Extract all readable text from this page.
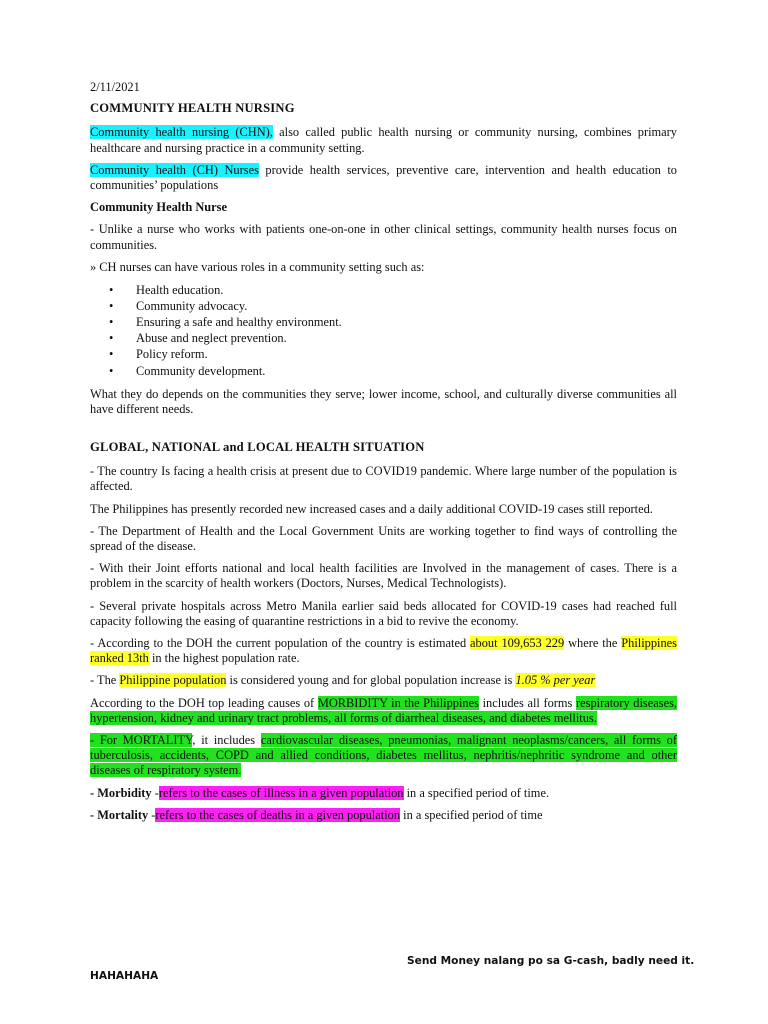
2/11/2021
COMMUNITY HEALTH NURSING

Community health nursing (CHN), also called public health nursing or community nursing, combines primary healthcare and nursing practice in a community setting.

Community health (CH) Nurses provide health services, preventive care, intervention and health education to communities’ populations

Community Health Nurse

- Unlike a nurse who works with patients one-on-one in other clinical settings, community health nurses focus on communities.

» CH nurses can have various roles in a community setting such as:

• Health education.
• Community advocacy.
• Ensuring a safe and healthy environment.
• Abuse and neglect prevention.
• Policy reform.
• Community development.

What they do depends on the communities they serve; lower income, school, and culturally diverse communities all have different needs.

GLOBAL, NATIONAL and LOCAL HEALTH SITUATION

- The country Is facing a health crisis at present due to COVID19 pandemic. Where large number of the population is affected.

The Philippines has presently recorded new increased cases and a daily additional COVID-19 cases still reported.

- The Department of Health and the Local Government Units are working together to find ways of controlling the spread of the disease.

- With their Joint efforts national and local health facilities are Involved in the management of cases. There is a problem in the scarcity of health workers (Doctors, Nurses, Medical Technologists).

- Several private hospitals across Metro Manila earlier said beds allocated for COVID-19 cases had reached full capacity following the easing of quarantine restrictions in a bid to revive the economy.

- According to the DOH the current population of the country is estimated about 109,653 229 where the Philippines ranked 13th in the highest population rate.

- The Philippine population is considered young and for global population increase is 1.05 % per year

According to the DOH top leading causes of MORBIDITY in the Philippines includes all forms respiratory diseases, hypertension, kidney and urinary tract problems, all forms of diarrheal diseases, and diabetes mellitus.

- For MORTALITY, it includes cardiovascular diseases, pneumonias, malignant neoplasms/cancers, all forms of tuberculosis, accidents, COPD and allied conditions, diabetes mellitus, nephritis/nephritic syndrome and other diseases of respiratory system.

- Morbidity -refers to the cases of illness in a given population in a specified period of time.

- Mortality -refers to the cases of deaths in a given population in a specified period of time

Send Money nalang po sa G-cash, badly need it.
HAHAHAHA
